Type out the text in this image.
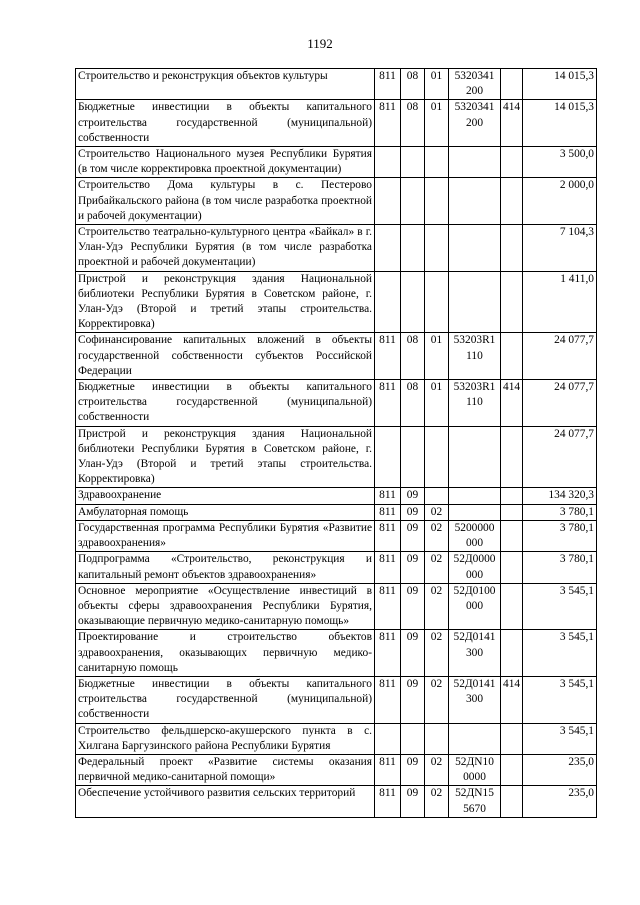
1192
Строительство и реконструкция объектов культуры	811	08	01	5320341 200		14 015,3
Бюджетные инвестиции в объекты капитального строительства государственной (муниципальной) собственности	811	08	01	5320341 200	414	14 015,3
Строительство Национального музея Республики Бурятия (в том числе корректировка проектной документации)						3 500,0
Строительство Дома культуры в с. Пестерово Прибайкальского района (в том числе разработка проектной и рабочей документации)						2 000,0
Строительство театрально-культурного центра «Байкал» в г. Улан-Удэ Республики Бурятия (в том числе разработка проектной и рабочей документации)						7 104,3
Пристрой и реконструкция здания Национальной библиотеки Республики Бурятия в Советском районе, г. Улан-Удэ (Второй и третий этапы строительства. Корректировка)						1 411,0
Софинансирование капитальных вложений в объекты государственной собственности субъектов Российской Федерации	811	08	01	53203R1 110		24 077,7
Бюджетные инвестиции в объекты капитального строительства государственной (муниципальной) собственности	811	08	01	53203R1 110	414	24 077,7
Пристрой и реконструкция здания Национальной библиотеки Республики Бурятия в Советском районе, г. Улан-Удэ (Второй и третий этапы строительства. Корректировка)						24 077,7
Здравоохранение	811	09				134 320,3
Амбулаторная помощь	811	09	02			3 780,1
Государственная программа Республики Бурятия «Развитие здравоохранения»	811	09	02	5200000 000		3 780,1
Подпрограмма «Строительство, реконструкция и капитальный ремонт объектов здравоохранения»	811	09	02	52Д0000 000		3 780,1
Основное мероприятие «Осуществление инвестиций в объекты сферы здравоохранения Республики Бурятия, оказывающие первичную медико-санитарную помощь»	811	09	02	52Д0100 000		3 545,1
Проектирование и строительство объектов здравоохранения, оказывающих первичную медико-санитарную помощь	811	09	02	52Д0141 300		3 545,1
Бюджетные инвестиции в объекты капитального строительства государственной (муниципальной) собственности	811	09	02	52Д0141 300	414	3 545,1
Строительство фельдшерско-акушерского пункта в с. Хилгана Баргузинского района Республики Бурятия						3 545,1
Федеральный проект «Развитие системы оказания первичной медико-санитарной помощи»	811	09	02	52ДN10 0000		235,0
Обеспечение устойчивого развития сельских территорий	811	09	02	52ДN15 5670		235,0
